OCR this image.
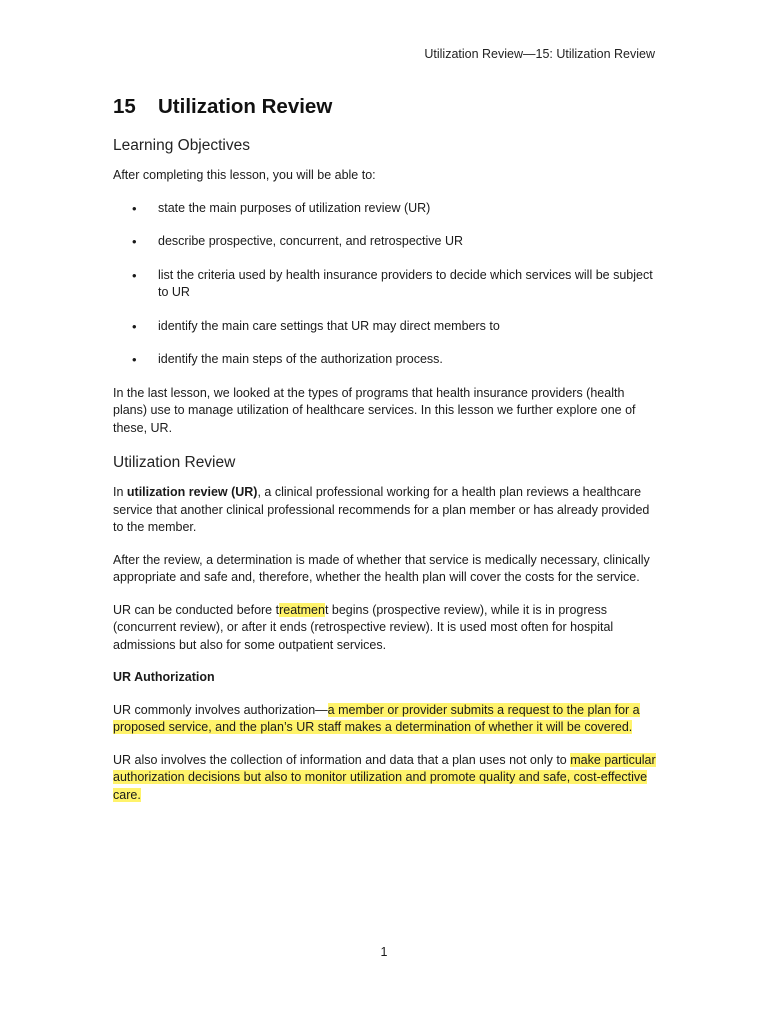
Utilization Review—15: Utilization Review
15	Utilization Review
Learning Objectives

After completing this lesson, you will be able to:

• state the main purposes of utilization review (UR)
• describe prospective, concurrent, and retrospective UR
• list the criteria used by health insurance providers to decide which services will be subject to UR
• identify the main care settings that UR may direct members to
• identify the main steps of the authorization process.

In the last lesson, we looked at the types of programs that health insurance providers (health plans) use to manage utilization of healthcare services. In this lesson we further explore one of these, UR.

Utilization Review

In utilization review (UR), a clinical professional working for a health plan reviews a healthcare service that another clinical professional recommends for a plan member or has already provided to the member.

After the review, a determination is made of whether that service is medically necessary, clinically appropriate and safe and, therefore, whether the health plan will cover the costs for the service.

UR can be conducted before treatment begins (prospective review), while it is in progress (concurrent review), or after it ends (retrospective review). It is used most often for hospital admissions but also for some outpatient services.

UR Authorization

UR commonly involves authorization—a member or provider submits a request to the plan for a proposed service, and the plan’s UR staff makes a determination of whether it will be covered.

UR also involves the collection of information and data that a plan uses not only to make particular authorization decisions but also to monitor utilization and promote quality and safe, cost-effective care.

1
